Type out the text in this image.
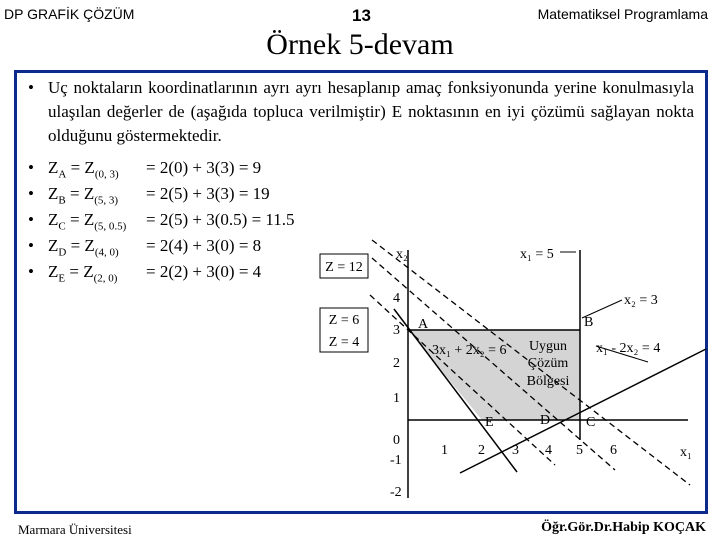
DP GRAFİK ÇÖZÜM	13	Matematiksel Programlama
Örnek 5-devam
• Uç noktaların koordinatlarının ayrı ayrı hesaplanıp amaç fonksiyonunda yerine konulmasıyla ulaşılan değerler de (aşağıda topluca verilmiştir) E noktasının en iyi çözümü sağlayan nokta olduğunu göstermektedir.
• $Z_A = Z_{(0, 3)} = 2(0) + 3(3) = 9$
• $Z_B = Z_{(5, 3)} = 2(5) + 3(3) = 19$
• $Z_C = Z_{(5, 0.5)} = 2(5) + 3(0.5) = 11.5$
• $Z_D = Z_{(4, 0)} = 2(4) + 3(0) = 8$
• $Z_E = Z_{(2, 0)} = 2(2) + 3(0) = 4$	Z = 12
Z = 6
Z = 4
x₂
x₁
4
3
2
1
0
-1
-2
1 2 3 4 5 6
A	B
C
D
E
x₁ = 5
x₂ = 3
x₁ - 2x₂ = 4
3x₁ + 2x₂ = 6 Uygun
Çözüm
Bölgesi
Marmara Üniversitesi	Öğr.Gör.Dr.Habip KOÇAK
